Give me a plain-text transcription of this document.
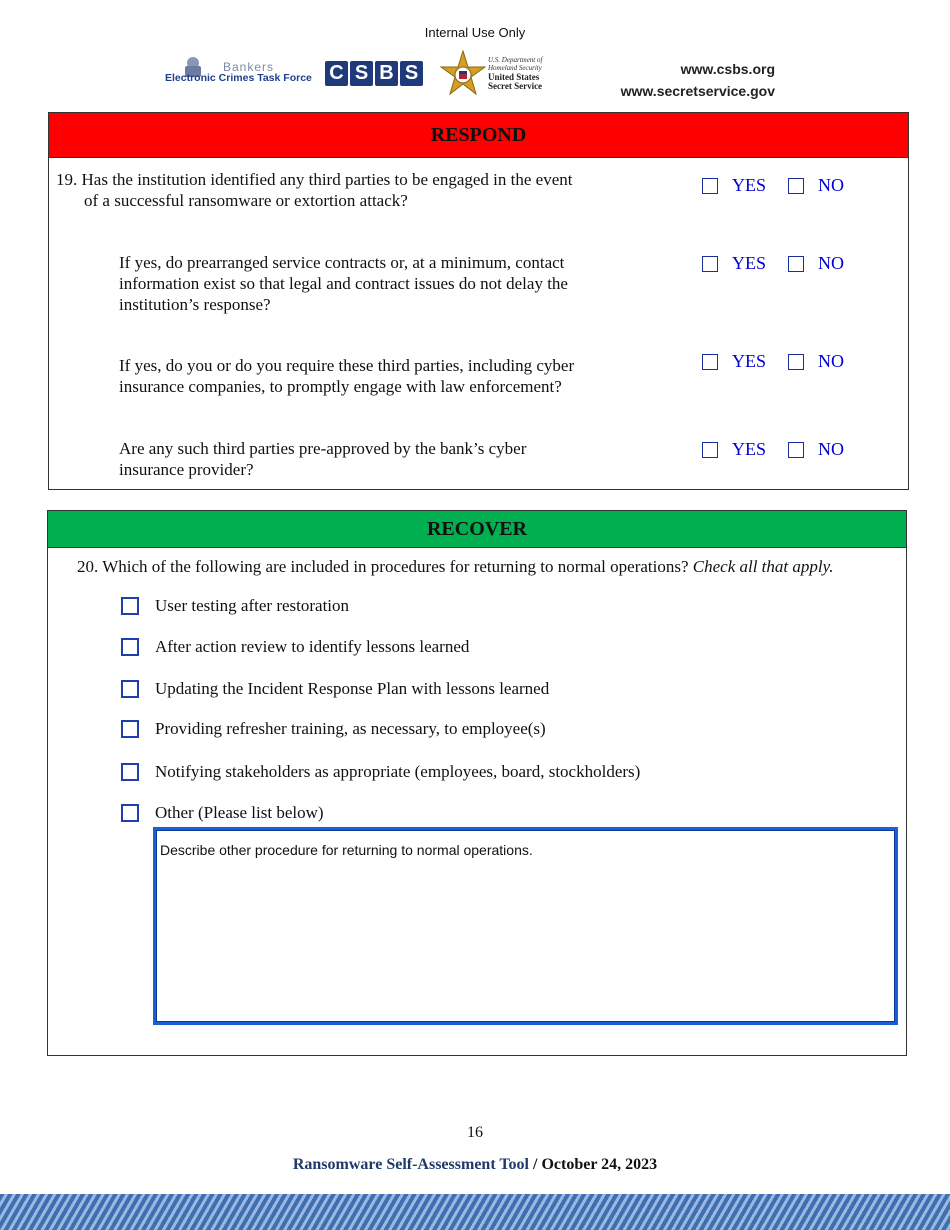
Internal Use Only
Bankers
Electronic Crimes Task Force C S B S
U.S. Department of Homeland Security
United States Secret Service
www.csbs.org
www.secretservice.gov
RESPOND
19. Has the institution identified any third parties to be engaged in the event
of a successful ransomware or extortion attack?
YES	NO
If yes, do prearranged service contracts or, at a minimum, contact information exist so that legal and contract issues do not delay the institution’s response?
YES	NO
If yes, do you or do you require these third parties, including cyber insurance companies, to promptly engage with law enforcement?
YES	NO
Are any such third parties pre-approved by the bank’s cyber insurance provider?
YES	NO
RECOVER
20. Which of the following are included in procedures for returning to normal operations? Check all that apply.
User testing after restoration
After action review to identify lessons learned
Updating the Incident Response Plan with lessons learned
Providing refresher training, as necessary, to employee(s)
Notifying stakeholders as appropriate (employees, board, stockholders)
Other (Please list below)
Describe other procedure for returning to normal operations.
16
Ransomware Self-Assessment Tool / October 24, 2023
